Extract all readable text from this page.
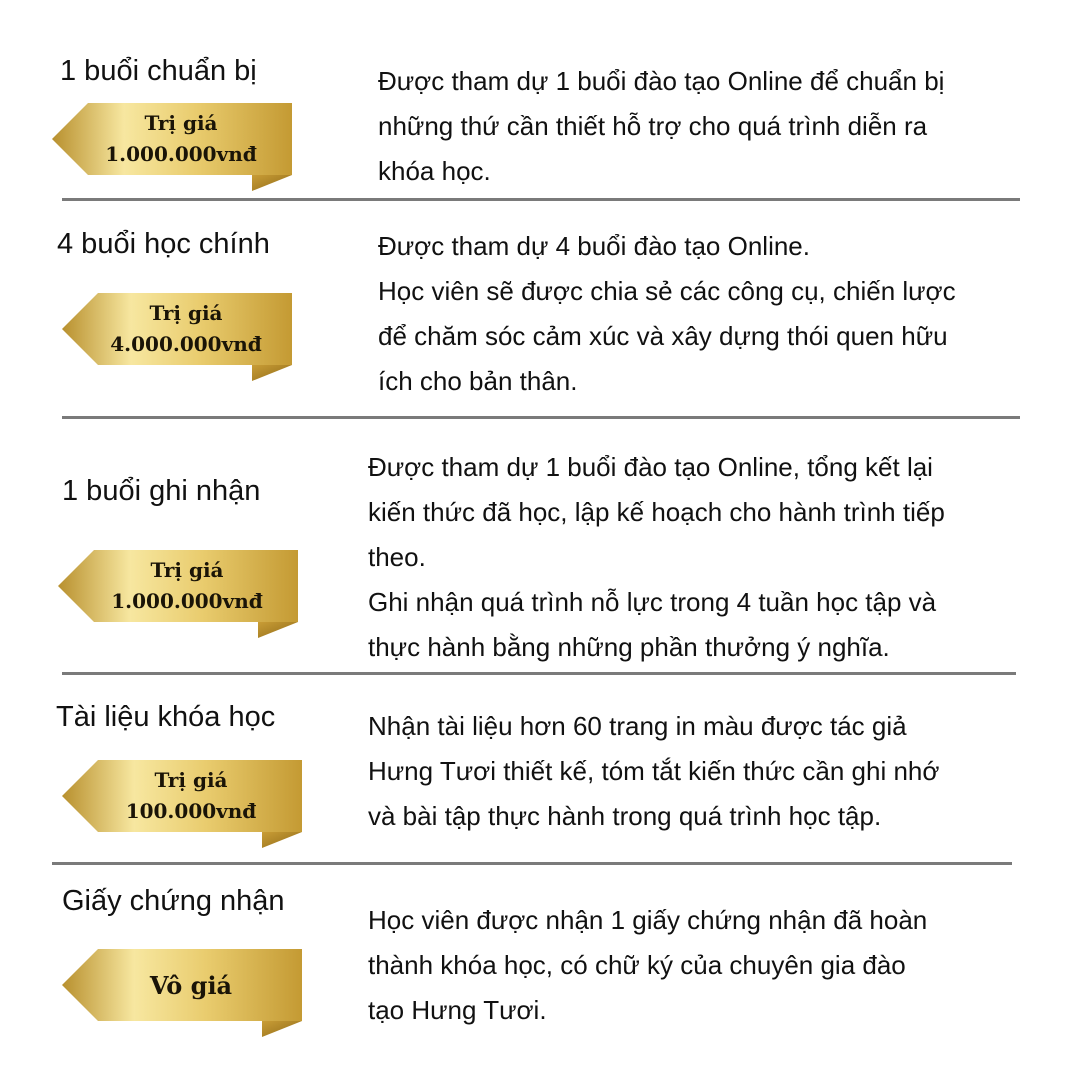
1 buổi chuẩn bị
Trị giá
1.000.000vnđ
Được tham dự 1 buổi đào tạo Online để chuẩn bị
những thứ cần thiết hỗ trợ cho quá trình diễn ra
khóa học.
4 buổi học chính
Trị giá
4.000.000vnđ
Được tham dự 4 buổi đào tạo Online.
Học viên sẽ được chia sẻ các công cụ, chiến lược
để chăm sóc cảm xúc và xây dựng thói quen hữu
ích cho bản thân.
1 buổi ghi nhận
Trị giá
1.000.000vnđ
Được tham dự 1 buổi đào tạo Online, tổng kết lại
kiến thức đã học, lập kế hoạch cho hành trình tiếp
theo.
Ghi nhận quá trình nỗ lực trong 4 tuần học tập và
thực hành bằng những phần thưởng ý nghĩa.
Tài liệu khóa học
Trị giá
100.000vnđ
Nhận tài liệu hơn 60 trang in màu được tác giả
Hưng Tươi thiết kế, tóm tắt kiến thức cần ghi nhớ
và bài tập thực hành trong quá trình học tập.
Giấy chứng nhận
Vô giá
Học viên được nhận 1 giấy chứng nhận đã hoàn
thành khóa học, có chữ ký của chuyên gia đào
tạo Hưng Tươi.
